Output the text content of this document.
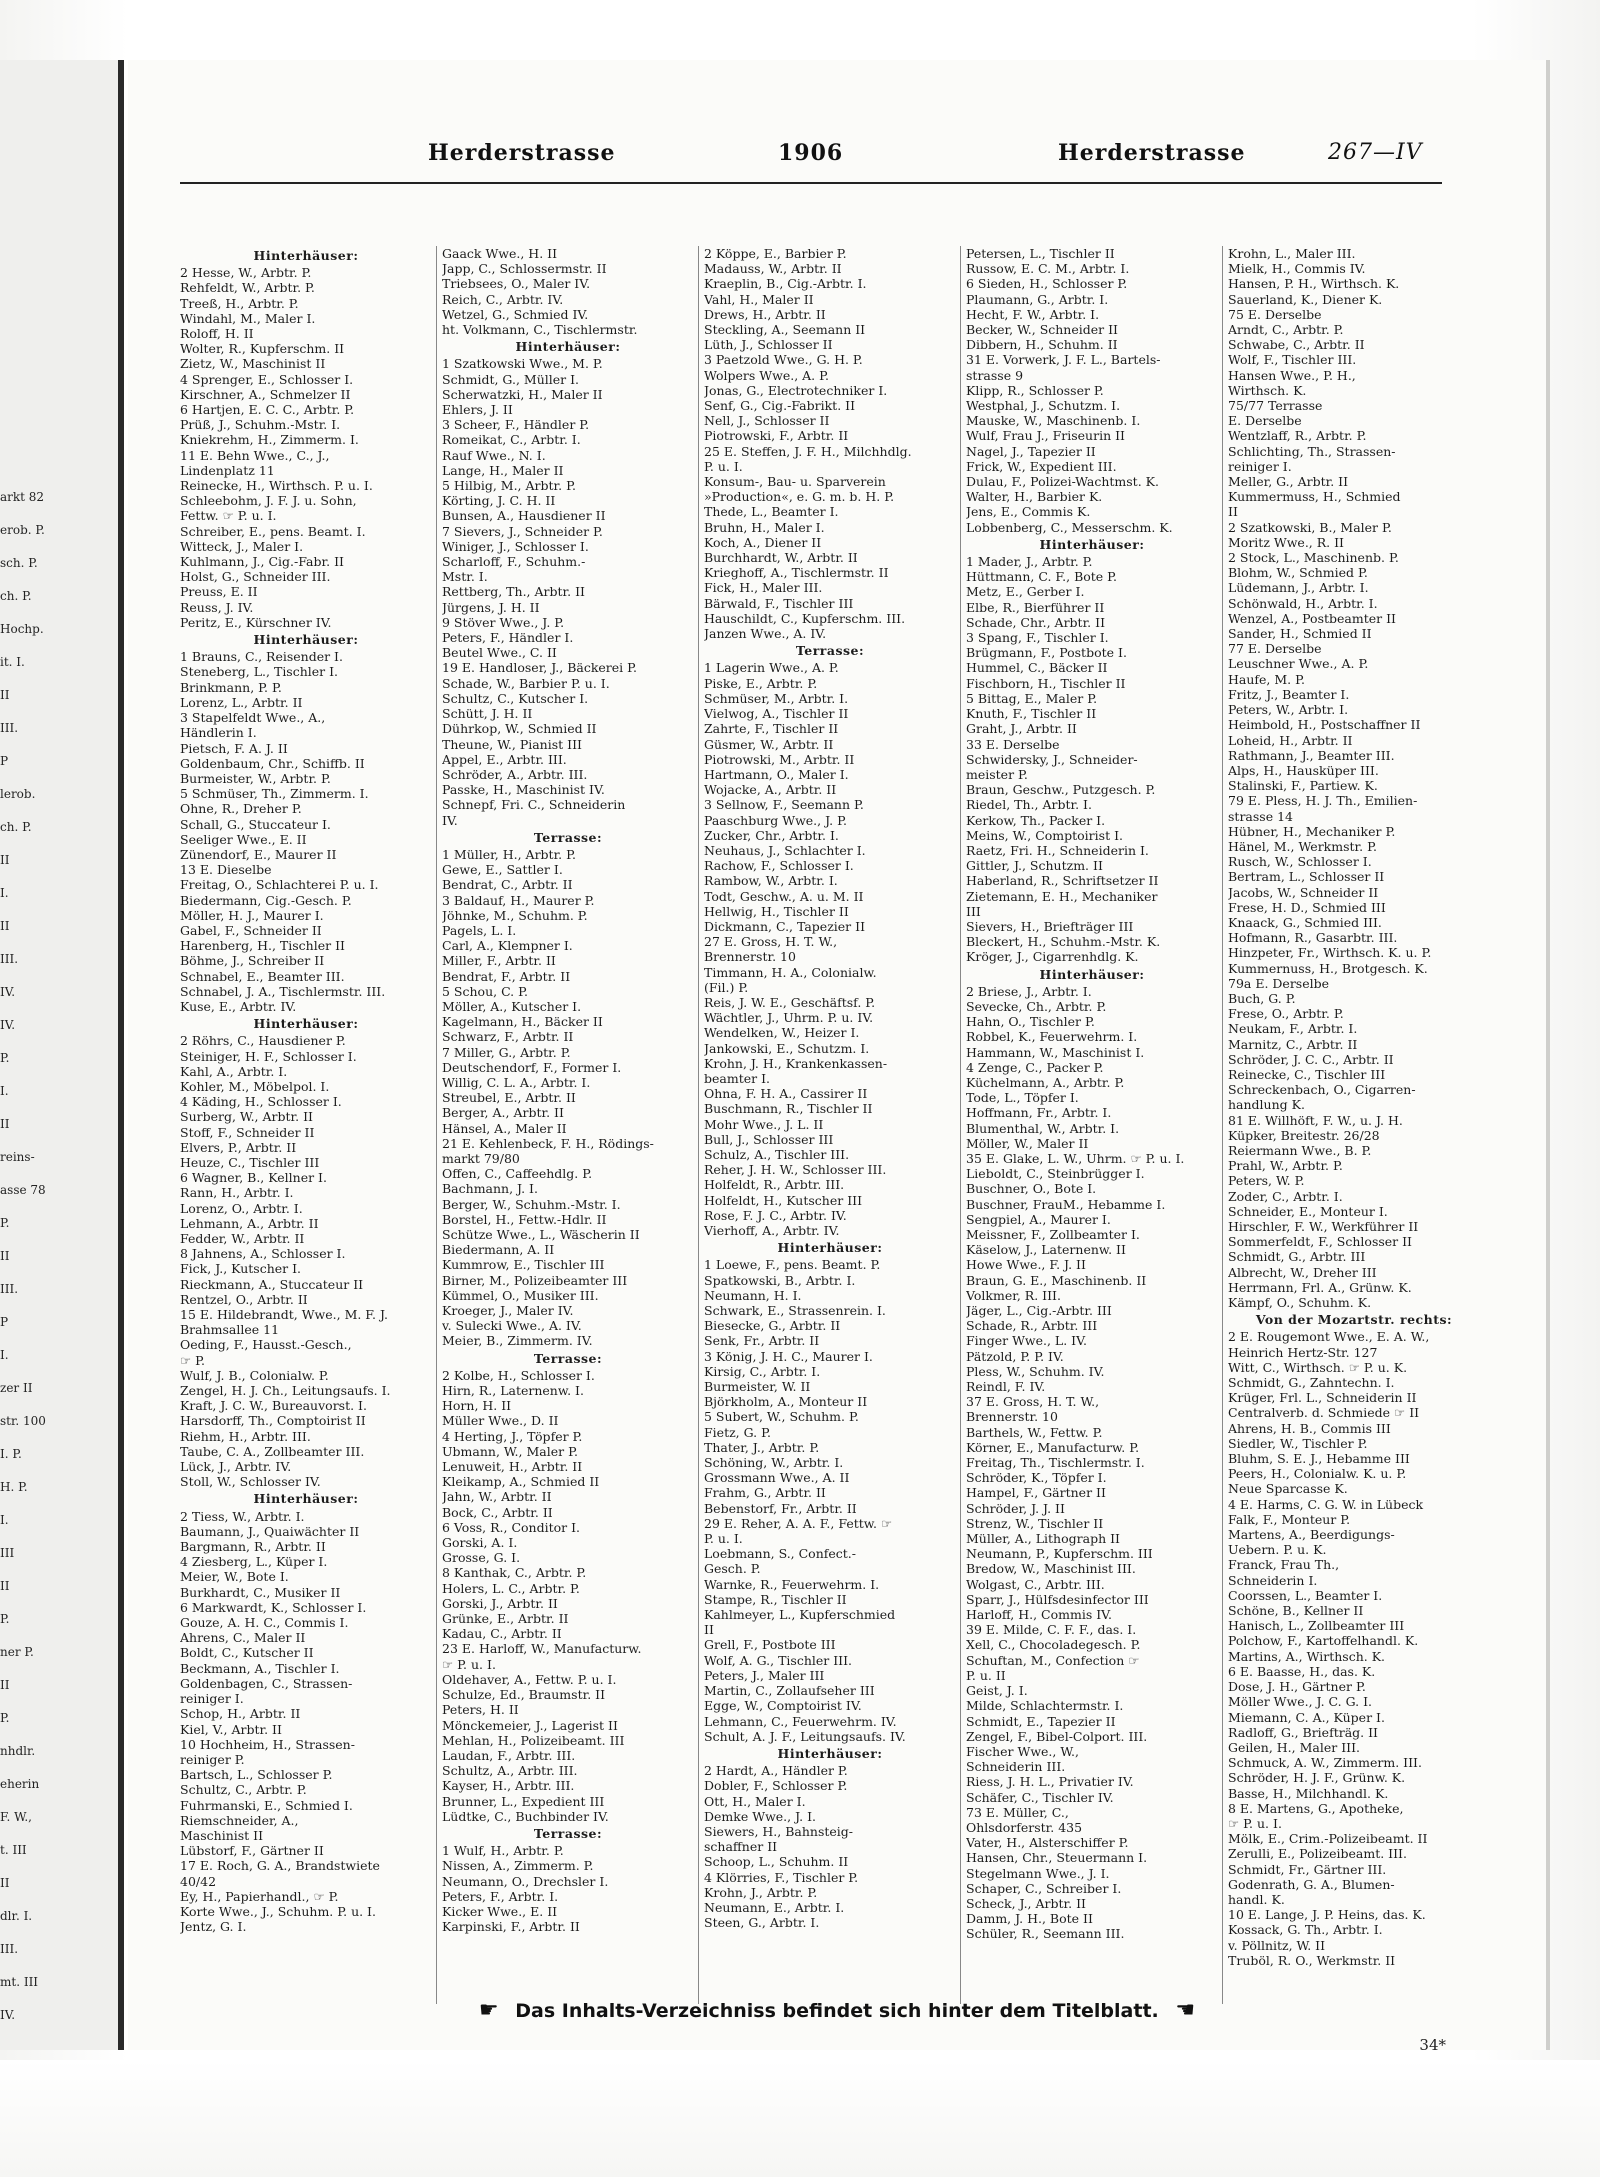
arkt 82
erob. P.
sch. P.
ch. P.
Hochp.
it. I.
II
III.
P
lerob.
ch. P.
II
I.
II
III.
IV.
IV.
P.
I.
II
reins-
asse 78
P.
II
III.
P
I.
zer II
str. 100
I. P.
H. P.
I.
III
II
P.
ner P.
II
P.
nhdlr.
eherin
F. W.,
t. III
II
dlr. I.
III.
mt. III
IV.
Herderstrasse	1906	Herderstrasse	267—IV
Hinterhäuser:
2 Hesse, W., Arbtr. P.
Rehfeldt, W., Arbtr. P.
Treeß, H., Arbtr. P.
Windahl, M., Maler I.
Roloff, H. II
Wolter, R., Kupferschm. II
Zietz, W., Maschinist II
4 Sprenger, E., Schlosser I.
Kirschner, A., Schmelzer II
6 Hartjen, E. C. C., Arbtr. P.
Prüß, J., Schuhm.-Mstr. I.
Kniekrehm, H., Zimmerm. I.
11 E. Behn Wwe., C., J.,
Lindenplatz 11
Reinecke, H., Wirthsch. P. u. I.
Schleebohm, J. F. J. u. Sohn,
Fettw. ☞ P. u. I.
Schreiber, E., pens. Beamt. I.
Witteck, J., Maler I.
Kuhlmann, J., Cig.-Fabr. II
Holst, G., Schneider III.
Preuss, E. II
Reuss, J. IV.
Peritz, E., Kürschner IV.
Hinterhäuser:
1 Brauns, C., Reisender I.
Steneberg, L., Tischler I.
Brinkmann, P. P.
Lorenz, L., Arbtr. II
3 Stapelfeldt Wwe., A.,
Händlerin I.
Pietsch, F. A. J. II
Goldenbaum, Chr., Schiffb. II
Burmeister, W., Arbtr. P.
5 Schmüser, Th., Zimmerm. I.
Ohne, R., Dreher P.
Schall, G., Stuccateur I.
Seeliger Wwe., E. II
Zünendorf, E., Maurer II
13 E. Dieselbe
Freitag, O., Schlachterei P. u. I.
Biedermann, Cig.-Gesch. P.
Möller, H. J., Maurer I.
Gabel, F., Schneider II
Harenberg, H., Tischler II
Böhme, J., Schreiber II
Schnabel, E., Beamter III.
Schnabel, J. A., Tischlermstr. III.
Kuse, E., Arbtr. IV.
Hinterhäuser:
2 Röhrs, C., Hausdiener P.
Steiniger, H. F., Schlosser I.
Kahl, A., Arbtr. I.
Kohler, M., Möbelpol. I.
4 Käding, H., Schlosser I.
Surberg, W., Arbtr. II
Stoff, F., Schneider II
Elvers, P., Arbtr. II
Heuze, C., Tischler III
6 Wagner, B., Kellner I.
Rann, H., Arbtr. I.
Lorenz, O., Arbtr. I.
Lehmann, A., Arbtr. II
Fedder, W., Arbtr. II
8 Jahnens, A., Schlosser I.
Fick, J., Kutscher I.
Rieckmann, A., Stuccateur II
Rentzel, O., Arbtr. II
15 E. Hildebrandt, Wwe., M. F. J.
Brahmsallee 11
Oeding, F., Hausst.-Gesch.,
☞ P.
Wulf, J. B., Colonialw. P.
Zengel, H. J. Ch., Leitungsaufs. I.
Kraft, J. C. W., Bureauvorst. I.
Harsdorff, Th., Comptoirist II
Riehm, H., Arbtr. III.
Taube, C. A., Zollbeamter III.
Lück, J., Arbtr. IV.
Stoll, W., Schlosser IV.
Hinterhäuser:
2 Tiess, W., Arbtr. I.
Baumann, J., Quaiwächter II
Bargmann, R., Arbtr. II
4 Ziesberg, L., Küper I.
Meier, W., Bote I.
Burkhardt, C., Musiker II
6 Markwardt, K., Schlosser I.
Gouze, A. H. C., Commis I.
Ahrens, C., Maler II
Boldt, C., Kutscher II
Beckmann, A., Tischler I.
Goldenbagen, C., Strassen-
reiniger I.
Schop, H., Arbtr. II
Kiel, V., Arbtr. II
10 Hochheim, H., Strassen-
reiniger P.
Bartsch, L., Schlosser P.
Schultz, C., Arbtr. P.
Fuhrmanski, E., Schmied I.
Riemschneider, A.,
Maschinist II
Lübstorf, F., Gärtner II
17 E. Roch, G. A., Brandstwiete
40/42
Ey, H., Papierhandl., ☞ P.
Korte Wwe., J., Schuhm. P. u. I.
Jentz, G. I.
Gaack Wwe., H. II
Japp, C., Schlossermstr. II
Triebsees, O., Maler IV.
Reich, C., Arbtr. IV.
Wetzel, G., Schmied IV.
ht. Volkmann, C., Tischlermstr.
Hinterhäuser:
1 Szatkowski Wwe., M. P.
Schmidt, G., Müller I.
Scherwatzki, H., Maler II
Ehlers, J. II
3 Scheer, F., Händler P.
Romeikat, C., Arbtr. I.
Rauf Wwe., N. I.
Lange, H., Maler II
5 Hilbig, M., Arbtr. P.
Körting, J. C. H. II
Bunsen, A., Hausdiener II
7 Sievers, J., Schneider P.
Winiger, J., Schlosser I.
Scharloff, F., Schuhm.-
Mstr. I.
Rettberg, Th., Arbtr. II
Jürgens, J. H. II
9 Stöver Wwe., J. P.
Peters, F., Händler I.
Beutel Wwe., C. II
19 E. Handloser, J., Bäckerei P.
Schade, W., Barbier P. u. I.
Schultz, C., Kutscher I.
Schütt, J. H. II
Dührkop, W., Schmied II
Theune, W., Pianist III
Appel, E., Arbtr. III.
Schröder, A., Arbtr. III.
Passke, H., Maschinist IV.
Schnepf, Fri. C., Schneiderin
IV.
Terrasse:
1 Müller, H., Arbtr. P.
Gewe, E., Sattler I.
Bendrat, C., Arbtr. II
3 Baldauf, H., Maurer P.
Jöhnke, M., Schuhm. P.
Pagels, L. I.
Carl, A., Klempner I.
Miller, F., Arbtr. II
Bendrat, F., Arbtr. II
5 Schou, C. P.
Möller, A., Kutscher I.
Kagelmann, H., Bäcker II
Schwarz, F., Arbtr. II
7 Miller, G., Arbtr. P.
Deutschendorf, F., Former I.
Willig, C. L. A., Arbtr. I.
Streubel, E., Arbtr. II
Berger, A., Arbtr. II
Hänsel, A., Maler II
21 E. Kehlenbeck, F. H., Rödings-
markt 79/80
Offen, C., Caffeehdlg. P.
Bachmann, J. I.
Berger, W., Schuhm.-Mstr. I.
Borstel, H., Fettw.-Hdlr. II
Schütze Wwe., L., Wäscherin II
Biedermann, A. II
Kummrow, E., Tischler III
Birner, M., Polizeibeamter III
Kümmel, O., Musiker III.
Kroeger, J., Maler IV.
v. Sulecki Wwe., A. IV.
Meier, B., Zimmerm. IV.
Terrasse:
2 Kolbe, H., Schlosser I.
Hirn, R., Laternenw. I.
Horn, H. II
Müller Wwe., D. II
4 Herting, J., Töpfer P.
Ubmann, W., Maler P.
Lenuweit, H., Arbtr. II
Kleikamp, A., Schmied II
Jahn, W., Arbtr. II
Bock, C., Arbtr. II
6 Voss, R., Conditor I.
Gorski, A. I.
Grosse, G. I.
8 Kanthak, C., Arbtr. P.
Holers, L. C., Arbtr. P.
Gorski, J., Arbtr. II
Grünke, E., Arbtr. II
Kadau, C., Arbtr. II
23 E. Harloff, W., Manufacturw.
☞ P. u. I.
Oldehaver, A., Fettw. P. u. I.
Schulze, Ed., Braumstr. II
Peters, H. II
Mönckemeier, J., Lagerist II
Mehlan, H., Polizeibeamt. III
Laudan, F., Arbtr. III.
Schultz, A., Arbtr. III.
Kayser, H., Arbtr. III.
Brunner, L., Expedient III
Lüdtke, C., Buchbinder IV.
Terrasse:
1 Wulf, H., Arbtr. P.
Nissen, A., Zimmerm. P.
Neumann, O., Drechsler I.
Peters, F., Arbtr. I.
Kicker Wwe., E. II
Karpinski, F., Arbtr. II
2 Köppe, E., Barbier P.
Madauss, W., Arbtr. II
Kraeplin, B., Cig.-Arbtr. I.
Vahl, H., Maler II
Drews, H., Arbtr. II
Steckling, A., Seemann II
Lüth, J., Schlosser II
3 Paetzold Wwe., G. H. P.
Wolpers Wwe., A. P.
Jonas, G., Electrotechniker I.
Senf, G., Cig.-Fabrikt. II
Nell, J., Schlosser II
Piotrowski, F., Arbtr. II
25 E. Steffen, J. F. H., Milchhdlg.
P. u. I.
Konsum-, Bau- u. Sparverein
»Production«, e. G. m. b. H. P.
Thede, L., Beamter I.
Bruhn, H., Maler I.
Koch, A., Diener II
Burchhardt, W., Arbtr. II
Krieghoff, A., Tischlermstr. II
Fick, H., Maler III.
Bärwald, F., Tischler III
Hauschildt, C., Kupferschm. III.
Janzen Wwe., A. IV.
Terrasse:
1 Lagerin Wwe., A. P.
Piske, E., Arbtr. P.
Schmüser, M., Arbtr. I.
Vielwog, A., Tischler II
Zahrte, F., Tischler II
Güsmer, W., Arbtr. II
Piotrowski, M., Arbtr. II
Hartmann, O., Maler I.
Wojacke, A., Arbtr. II
3 Sellnow, F., Seemann P.
Paaschburg Wwe., J. P.
Zucker, Chr., Arbtr. I.
Neuhaus, J., Schlachter I.
Rachow, F., Schlosser I.
Rambow, W., Arbtr. I.
Todt, Geschw., A. u. M. II
Hellwig, H., Tischler II
Dickmann, C., Tapezier II
27 E. Gross, H. T. W.,
Brennerstr. 10
Timmann, H. A., Colonialw.
(Fil.) P.
Reis, J. W. E., Geschäftsf. P.
Wächtler, J., Uhrm. P. u. IV.
Wendelken, W., Heizer I.
Jankowski, E., Schutzm. I.
Krohn, J. H., Krankenkassen-
beamter I.
Ohna, F. H. A., Cassirer II
Buschmann, R., Tischler II
Mohr Wwe., J. L. II
Bull, J., Schlosser III
Schulz, A., Tischler III.
Reher, J. H. W., Schlosser III.
Holfeldt, R., Arbtr. III.
Holfeldt, H., Kutscher III
Rose, F. J. C., Arbtr. IV.
Vierhoff, A., Arbtr. IV.
Hinterhäuser:
1 Loewe, F., pens. Beamt. P.
Spatkowski, B., Arbtr. I.
Neumann, H. I.
Schwark, E., Strassenrein. I.
Biesecke, G., Arbtr. II
Senk, Fr., Arbtr. II
3 König, J. H. C., Maurer I.
Kirsig, C., Arbtr. I.
Burmeister, W. II
Björkholm, A., Monteur II
5 Subert, W., Schuhm. P.
Fietz, G. P.
Thater, J., Arbtr. P.
Schöning, W., Arbtr. I.
Grossmann Wwe., A. II
Frahm, G., Arbtr. II
Bebenstorf, Fr., Arbtr. II
29 E. Reher, A. A. F., Fettw. ☞
P. u. I.
Loebmann, S., Confect.-
Gesch. P.
Warnke, R., Feuerwehrm. I.
Stampe, R., Tischler II
Kahlmeyer, L., Kupferschmied
II
Grell, F., Postbote III
Wolf, A. G., Tischler III.
Peters, J., Maler III
Martin, C., Zollaufseher III
Egge, W., Comptoirist IV.
Lehmann, C., Feuerwehrm. IV.
Schult, A. J. F., Leitungsaufs. IV.
Hinterhäuser:
2 Hardt, A., Händler P.
Dobler, F., Schlosser P.
Ott, H., Maler I.
Demke Wwe., J. I.
Siewers, H., Bahnsteig-
schaffner II
Schoop, L., Schuhm. II
4 Klörries, F., Tischler P.
Krohn, J., Arbtr. P.
Neumann, E., Arbtr. I.
Steen, G., Arbtr. I.
Petersen, L., Tischler II
Russow, E. C. M., Arbtr. I.
6 Sieden, H., Schlosser P.
Plaumann, G., Arbtr. I.
Hecht, F. W., Arbtr. I.
Becker, W., Schneider II
Dibbern, H., Schuhm. II
31 E. Vorwerk, J. F. L., Bartels-
strasse 9
Klipp, R., Schlosser P.
Westphal, J., Schutzm. I.
Mauske, W., Maschinenb. I.
Wulf, Frau J., Friseurin II
Nagel, J., Tapezier II
Frick, W., Expedient III.
Dulau, F., Polizei-Wachtmst. K.
Walter, H., Barbier K.
Jens, E., Commis K.
Lobbenberg, C., Messerschm. K.
Hinterhäuser:
1 Mader, J., Arbtr. P.
Hüttmann, C. F., Bote P.
Metz, E., Gerber I.
Elbe, R., Bierführer II
Schade, Chr., Arbtr. II
3 Spang, F., Tischler I.
Brügmann, F., Postbote I.
Hummel, C., Bäcker II
Fischborn, H., Tischler II
5 Bittag, E., Maler P.
Knuth, F., Tischler II
Graht, J., Arbtr. II
33 E. Derselbe
Schwidersky, J., Schneider-
meister P.
Braun, Geschw., Putzgesch. P.
Riedel, Th., Arbtr. I.
Kerkow, Th., Packer I.
Meins, W., Comptoirist I.
Raetz, Fri. H., Schneiderin I.
Gittler, J., Schutzm. II
Haberland, R., Schriftsetzer II
Zietemann, E. H., Mechaniker
III
Sievers, H., Briefträger III
Bleckert, H., Schuhm.-Mstr. K.
Kröger, J., Cigarrenhdlg. K.
Hinterhäuser:
2 Briese, J., Arbtr. I.
Sevecke, Ch., Arbtr. P.
Hahn, O., Tischler P.
Robbel, K., Feuerwehrm. I.
Hammann, W., Maschinist I.
4 Zenge, C., Packer P.
Küchelmann, A., Arbtr. P.
Tode, L., Töpfer I.
Hoffmann, Fr., Arbtr. I.
Blumenthal, W., Arbtr. I.
Möller, W., Maler II
35 E. Glake, L. W., Uhrm. ☞ P. u. I.
Lieboldt, C., Steinbrügger I.
Buschner, O., Bote I.
Buschner, FrauM., Hebamme I.
Sengpiel, A., Maurer I.
Meissner, F., Zollbeamter I.
Käselow, J., Laternenw. II
Howe Wwe., F. J. II
Braun, G. E., Maschinenb. II
Volkmer, R. III.
Jäger, L., Cig.-Arbtr. III
Schade, R., Arbtr. III
Finger Wwe., L. IV.
Pätzold, P. P. IV.
Pless, W., Schuhm. IV.
Reindl, F. IV.
37 E. Gross, H. T. W.,
Brennerstr. 10
Barthels, W., Fettw. P.
Körner, E., Manufacturw. P.
Freitag, Th., Tischlermstr. I.
Schröder, K., Töpfer I.
Hampel, F., Gärtner II
Schröder, J. J. II
Strenz, W., Tischler II
Müller, A., Lithograph II
Neumann, P., Kupferschm. III
Bredow, W., Maschinist III.
Wolgast, C., Arbtr. III.
Sparr, J., Hülfsdesinfector III
Harloff, H., Commis IV.
39 E. Milde, C. F. F., das. I.
Xell, C., Chocoladegesch. P.
Schuftan, M., Confection ☞
P. u. II
Geist, J. I.
Milde, Schlachtermstr. I.
Schmidt, E., Tapezier II
Zengel, F., Bibel-Colport. III.
Fischer Wwe., W.,
Schneiderin III.
Riess, J. H. L., Privatier IV.
Schäfer, C., Tischler IV.
73 E. Müller, C.,
Ohlsdorferstr. 435
Vater, H., Alsterschiffer P.
Hansen, Chr., Steuermann I.
Stegelmann Wwe., J. I.
Schaper, C., Schreiber I.
Scheck, J., Arbtr. II
Damm, J. H., Bote II
Schüler, R., Seemann III.
Krohn, L., Maler III.
Mielk, H., Commis IV.
Hansen, P. H., Wirthsch. K.
Sauerland, K., Diener K.
75 E. Derselbe
Arndt, C., Arbtr. P.
Schwabe, C., Arbtr. II
Wolf, F., Tischler III.
Hansen Wwe., P. H.,
Wirthsch. K.
75/77 Terrasse
E. Derselbe
Wentzlaff, R., Arbtr. P.
Schlichting, Th., Strassen-
reiniger I.
Meller, G., Arbtr. II
Kummermuss, H., Schmied
II
2 Szatkowski, B., Maler P.
Moritz Wwe., R. II
2 Stock, L., Maschinenb. P.
Blohm, W., Schmied P.
Lüdemann, J., Arbtr. I.
Schönwald, H., Arbtr. I.
Wenzel, A., Postbeamter II
Sander, H., Schmied II
77 E. Derselbe
Leuschner Wwe., A. P.
Haufe, M. P.
Fritz, J., Beamter I.
Peters, W., Arbtr. I.
Heimbold, H., Postschaffner II
Loheid, H., Arbtr. II
Rathmann, J., Beamter III.
Alps, H., Hausküper III.
Stalinski, F., Partiew. K.
79 E. Pless, H. J. Th., Emilien-
strasse 14
Hübner, H., Mechaniker P.
Hänel, M., Werkmstr. P.
Rusch, W., Schlosser I.
Bertram, L., Schlosser II
Jacobs, W., Schneider II
Frese, H. D., Schmied III
Knaack, G., Schmied III.
Hofmann, R., Gasarbtr. III.
Hinzpeter, Fr., Wirthsch. K. u. P.
Kummernuss, H., Brotgesch. K.
79a E. Derselbe
Buch, G. P.
Frese, O., Arbtr. P.
Neukam, F., Arbtr. I.
Marnitz, C., Arbtr. II
Schröder, J. C. C., Arbtr. II
Reinecke, C., Tischler III
Schreckenbach, O., Cigarren-
handlung K.
81 E. Willhöft, F. W., u. J. H.
Küpker, Breitestr. 26/28
Reiermann Wwe., B. P.
Prahl, W., Arbtr. P.
Peters, W. P.
Zoder, C., Arbtr. I.
Schneider, E., Monteur I.
Hirschler, F. W., Werkführer II
Sommerfeldt, F., Schlosser II
Schmidt, G., Arbtr. III
Albrecht, W., Dreher III
Herrmann, Frl. A., Grünw. K.
Kämpf, O., Schuhm. K.
Von der Mozartstr. rechts:
2 E. Rougemont Wwe., E. A. W.,
Heinrich Hertz-Str. 127
Witt, C., Wirthsch. ☞ P. u. K.
Schmidt, G., Zahntechn. I.
Krüger, Frl. L., Schneiderin II
Centralverb. d. Schmiede ☞ II
Ahrens, H. B., Commis III
Siedler, W., Tischler P.
Bluhm, S. E. J., Hebamme III
Peers, H., Colonialw. K. u. P.
Neue Sparcasse K.
4 E. Harms, C. G. W. in Lübeck
Falk, F., Monteur P.
Martens, A., Beerdigungs-
Uebern. P. u. K.
Franck, Frau Th.,
Schneiderin I.
Coorssen, L., Beamter I.
Schöne, B., Kellner II
Hanisch, L., Zollbeamter III
Polchow, F., Kartoffelhandl. K.
Martins, A., Wirthsch. K.
6 E. Baasse, H., das. K.
Dose, J. H., Gärtner P.
Möller Wwe., J. C. G. I.
Miemann, C. A., Küper I.
Radloff, G., Briefträg. II
Geilen, H., Maler III.
Schmuck, A. W., Zimmerm. III.
Schröder, H. J. F., Grünw. K.
Basse, H., Milchhandl. K.
8 E. Martens, G., Apotheke,
☞ P. u. I.
Mölk, E., Crim.-Polizeibeamt. II
Zerulli, E., Polizeibeamt. III.
Schmidt, Fr., Gärtner III.
Godenrath, G. A., Blumen-
handl. K.
10 E. Lange, J. P. Heins, das. K.
Kossack, G. Th., Arbtr. I.
v. Pöllnitz, W. II
Truböl, R. O., Werkmstr. II
☛ Das Inhalts-Verzeichniss befindet sich hinter dem Titelblatt. ☚
34*
